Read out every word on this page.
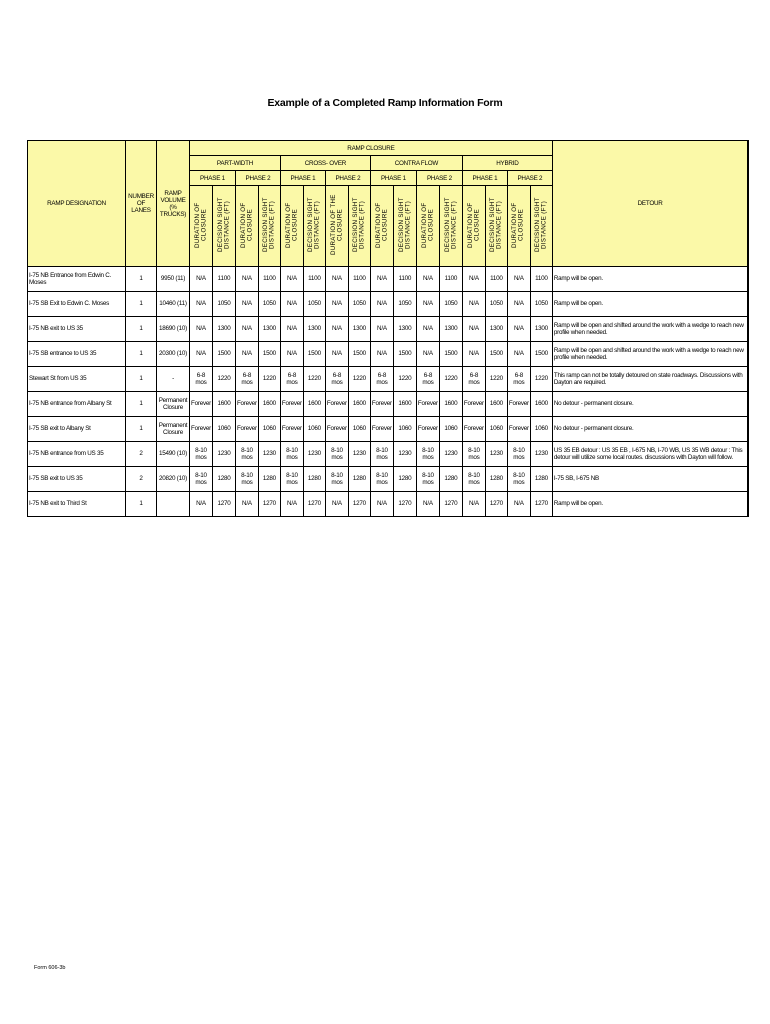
Example of a Completed Ramp Information Form
RAMP DESIGNATION	NUMBER OF LANES	RAMP VOLUME (% TRUCKS)	RAMP CLOSURE																DETOUR
			PART-WIDTH				CROSS- OVER				CONTRA FLOW				HYBRID				
			PHASE 1		PHASE 2		PHASE 1		PHASE 2		PHASE 1		PHASE 2		PHASE 1		PHASE 2		
			DURATION OF CLOSURE	DECISION SIGHT DISTANCE (FT)	DURATION OF CLOSURE	DECISION SIGHT DISTANCE (FT)	DURATION OF CLOSURE	DECISION SIGHT DISTANCE (FT)	DURATION OF THE CLOSURE	DECISION SIGHT DISTANCE (FT)	DURATION OF CLOSURE	DECISION SIGHT DISTANCE (FT)	DURATION OF CLOSURE	DECISION SIGHT DISTANCE (FT)	DURATION OF CLOSURE	DECISION SIGHT DISTANCE (FT)	DURATION OF CLOSURE	DECISION SIGHT DISTANCE (FT)	
I-75 NB Entrance from Edwin C. Moses	1	9950 (11)	N/A	1100	N/A	1100	N/A	1100	N/A	1100	N/A	1100	N/A	1100	N/A	1100	N/A	1100	Ramp will be open.
I-75 SB Exit to Edwin C. Moses	1	10460 (11)	N/A	1050	N/A	1050	N/A	1050	N/A	1050	N/A	1050	N/A	1050	N/A	1050	N/A	1050	Ramp will be open.
I-75 NB exit to US 35	1	18690 (10)	N/A	1300	N/A	1300	N/A	1300	N/A	1300	N/A	1300	N/A	1300	N/A	1300	N/A	1300	Ramp will be open and shifted around the work with a wedge to reach new profile when needed.
I-75 SB entrance to US 35	1	20300 (10)	N/A	1500	N/A	1500	N/A	1500	N/A	1500	N/A	1500	N/A	1500	N/A	1500	N/A	1500	Ramp will be open and shifted around the work with a wedge to reach new profile when needed.
Stewart St from US 35	1	-	6-8 mos	1220	6-8 mos	1220	6-8 mos	1220	6-8 mos	1220	6-8 mos	1220	6-8 mos	1220	6-8 mos	1220	6-8 mos	1220	This ramp can not be totally detoured on state roadways. Discussions with Dayton are required.
I-75 NB entrance from Albany St	1	Permanent Closure	Forever	1600	Forever	1600	Forever	1600	Forever	1600	Forever	1600	Forever	1600	Forever	1600	Forever	1600	No detour - permanent closure.
I-75 SB exit to Albany St	1	Permanent Closure	Forever	1060	Forever	1060	Forever	1060	Forever	1060	Forever	1060	Forever	1060	Forever	1060	Forever	1060	No detour - permanent closure.
I-75 NB entrance from US 35	2	15490 (10)	8-10 mos	1230	8-10 mos	1230	8-10 mos	1230	8-10 mos	1230	8-10 mos	1230	8-10 mos	1230	8-10 mos	1230	8-10 mos	1230	US 35 EB detour : US 35 EB , I-675 NB, I-70 WB, US 35 WB detour : This detour will utilize some local routes. discussions with Dayton will follow.
I-75 SB exit to US 35	2	20820 (10)	8-10 mos	1280	8-10 mos	1280	8-10 mos	1280	8-10 mos	1280	8-10 mos	1280	8-10 mos	1280	8-10 mos	1280	8-10 mos	1280	I-75 SB, I-675 NB
I-75 NB exit to Third St	1		N/A	1270	N/A	1270	N/A	1270	N/A	1270	N/A	1270	N/A	1270	N/A	1270	N/A	1270	Ramp will be open.
Form 606-3b
